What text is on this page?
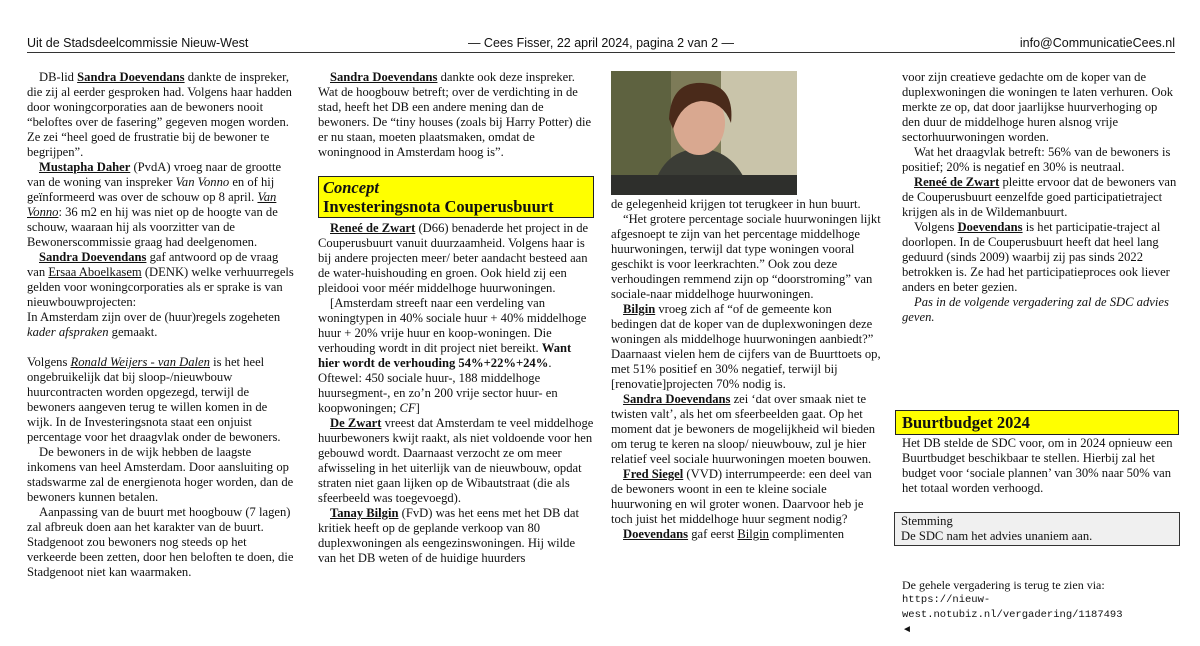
Uit de Stadsdeelcommissie Nieuw-West	— Cees Fisser, 22 april 2024, pagina 2 van 2 —	info@CommunicatieCees.nl

DB-lid Sandra Doevendans dankte de inspreker, die zij al eerder gesproken had. Volgens haar hadden door woningcorporaties aan de bewoners nooit “beloftes over de fasering” gegeven mogen worden. Ze zei “heel goed de frustratie bij de bewoner te begrijpen”.

Mustapha Daher (PvdA) vroeg naar de grootte van de woning van inspreker Van Vonno en of hij geïnformeerd was over de schouw op 8 april. Van Vonno: 36 m2 en hij was niet op de hoogte van de schouw, waaraan hij als voorzitter van de Bewonerscommissie graag had deelgenomen.

Sandra Doevendans gaf antwoord op de vraag van Ersaa Aboelkasem (DENK) welke verhuurregels gelden voor woningcorporaties als er sprake is van nieuwbouwprojecten:

In Amsterdam zijn over de (huur)regels zogeheten kader afspraken gemaakt.

Volgens Ronald Weijers - van Dalen is het heel ongebruikelijk dat bij sloop-/nieuwbouw huurcontracten worden opgezegd, terwijl de bewoners aangeven terug te willen komen in de wijk. In de Investeringsnota staat een onjuist percentage voor het draagvlak onder de bewoners.

De bewoners in de wijk hebben de laagste inkomens van heel Amsterdam. Door aansluiting op stadswarme zal de energienota hoger worden, dan de bewoners kunnen betalen.

Aanpassing van de buurt met hoogbouw (7 lagen) zal afbreuk doen aan het karakter van de buurt. Stadgenoot zou bewoners nog steeds op het verkeerde been zetten, door hen beloften te doen, die Stadgenoot niet kan waarmaken.

Sandra Doevendans dankte ook deze inspreker. Wat de hoogbouw betreft; over de verdichting in de stad, heeft het DB een andere mening dan de bewoners. De “tiny houses (zoals bij Harry Potter) die er nu staan, moeten plaatsmaken, omdat de woningnood in Amsterdam hoog is”.

Concept
Investeringsnota Couperusbuurt

Reneé de Zwart (D66) benaderde het project in de Couperusbuurt vanuit duurzaamheid. Volgens haar is bij andere projecten meer/ beter aandacht besteed aan de water-huishouding en groen. Ook hield zij een pleidooi voor méér middelhoge huurwoningen.

[Amsterdam streeft naar een verdeling van woningtypen in 40% sociale huur + 40% middelhoge huur + 20% vrije huur en koop-woningen. Die verhouding wordt in dit project niet bereikt. Want hier wordt de verhouding 54%+22%+24%. Oftewel: 450 sociale huur-, 188 middelhoge huursegment-, en zo’n 200 vrije sector huur- en koopwoningen; CF]

De Zwart vreest dat Amsterdam te veel middelhoge huurbewoners kwijt raakt, als niet voldoende voor hen gebouwd wordt. Daarnaast verzocht ze om meer afwisseling in het uiterlijk van de nieuwbouw, opdat straten niet gaan lijken op de Wibautstraat (die als sfeerbeeld was toegevoegd).

Tanay Bilgin (FvD) was het eens met het DB dat kritiek heeft op de geplande verkoop van 80 duplexwoningen als eengezinswoningen. Hij wilde van het DB weten of de huidige huurders

de gelegenheid krijgen tot terugkeer in hun buurt.

“Het grotere percentage sociale huurwoningen lijkt afgesnoept te zijn van het percentage middelhoge huurwoningen, terwijl dat type woningen vooral geschikt is voor leerkrachten.” Ook zou deze verhoudingen remmend zijn op “doorstroming” van sociale-naar middelhoge huurwoningen.

Bilgin vroeg zich af “of de gemeente kon bedingen dat de koper van de duplexwoningen deze woningen als middelhoge huurwoningen aanbiedt?” Daarnaast vielen hem de cijfers van de Buurttoets op, met 51% positief en 30% negatief, terwijl bij [renovatie]projecten 70% nodig is.

Sandra Doevendans zei ‘dat over smaak niet te twisten valt’, als het om sfeerbeelden gaat. Op het moment dat je bewoners de mogelijkheid wil bieden om terug te keren na sloop/ nieuwbouw, zul je hier relatief veel sociale huurwoningen moeten bouwen.

Fred Siegel (VVD) interrumpeerde: een deel van de bewoners woont in een te kleine sociale huurwoning en wil groter wonen. Daarvoor heb je toch juist het middelhoge huur segment nodig?

Doevendans gaf eerst Bilgin complimenten

voor zijn creatieve gedachte om de koper van de duplexwoningen die woningen te laten verhuren. Ook merkte ze op, dat door jaarlijkse huurverhoging op den duur de middelhoge huren alsnog vrije sectorhuurwoningen worden.

Wat het draagvlak betreft: 56% van de bewoners is positief; 20% is negatief en 30% is neutraal.

Reneé de Zwart pleitte ervoor dat de bewoners van de Couperusbuurt eenzelfde goed participatietraject krijgen als in de Wildemanbuurt.

Volgens Doevendans is het participatie-traject al doorlopen. In de Couperusbuurt heeft dat heel lang geduurd (sinds 2009) waarbij zij pas sinds 2022 betrokken is. Ze had het participatieproces ook liever anders en beter gezien.

Pas in de volgende vergadering zal de SDC advies geven.

Buurtbudget 2024

Het DB stelde de SDC voor, om in 2024 opnieuw een Buurtbudget beschikbaar te stellen. Hierbij zal het budget voor ‘sociale plannen’ van 30% naar 50% van het totaal worden verhoogd.

Stemming
De SDC nam het advies unaniem aan.

De gehele vergadering is terug te zien via:

https://nieuw-west.notubiz.nl/vergadering/1187493

◄
